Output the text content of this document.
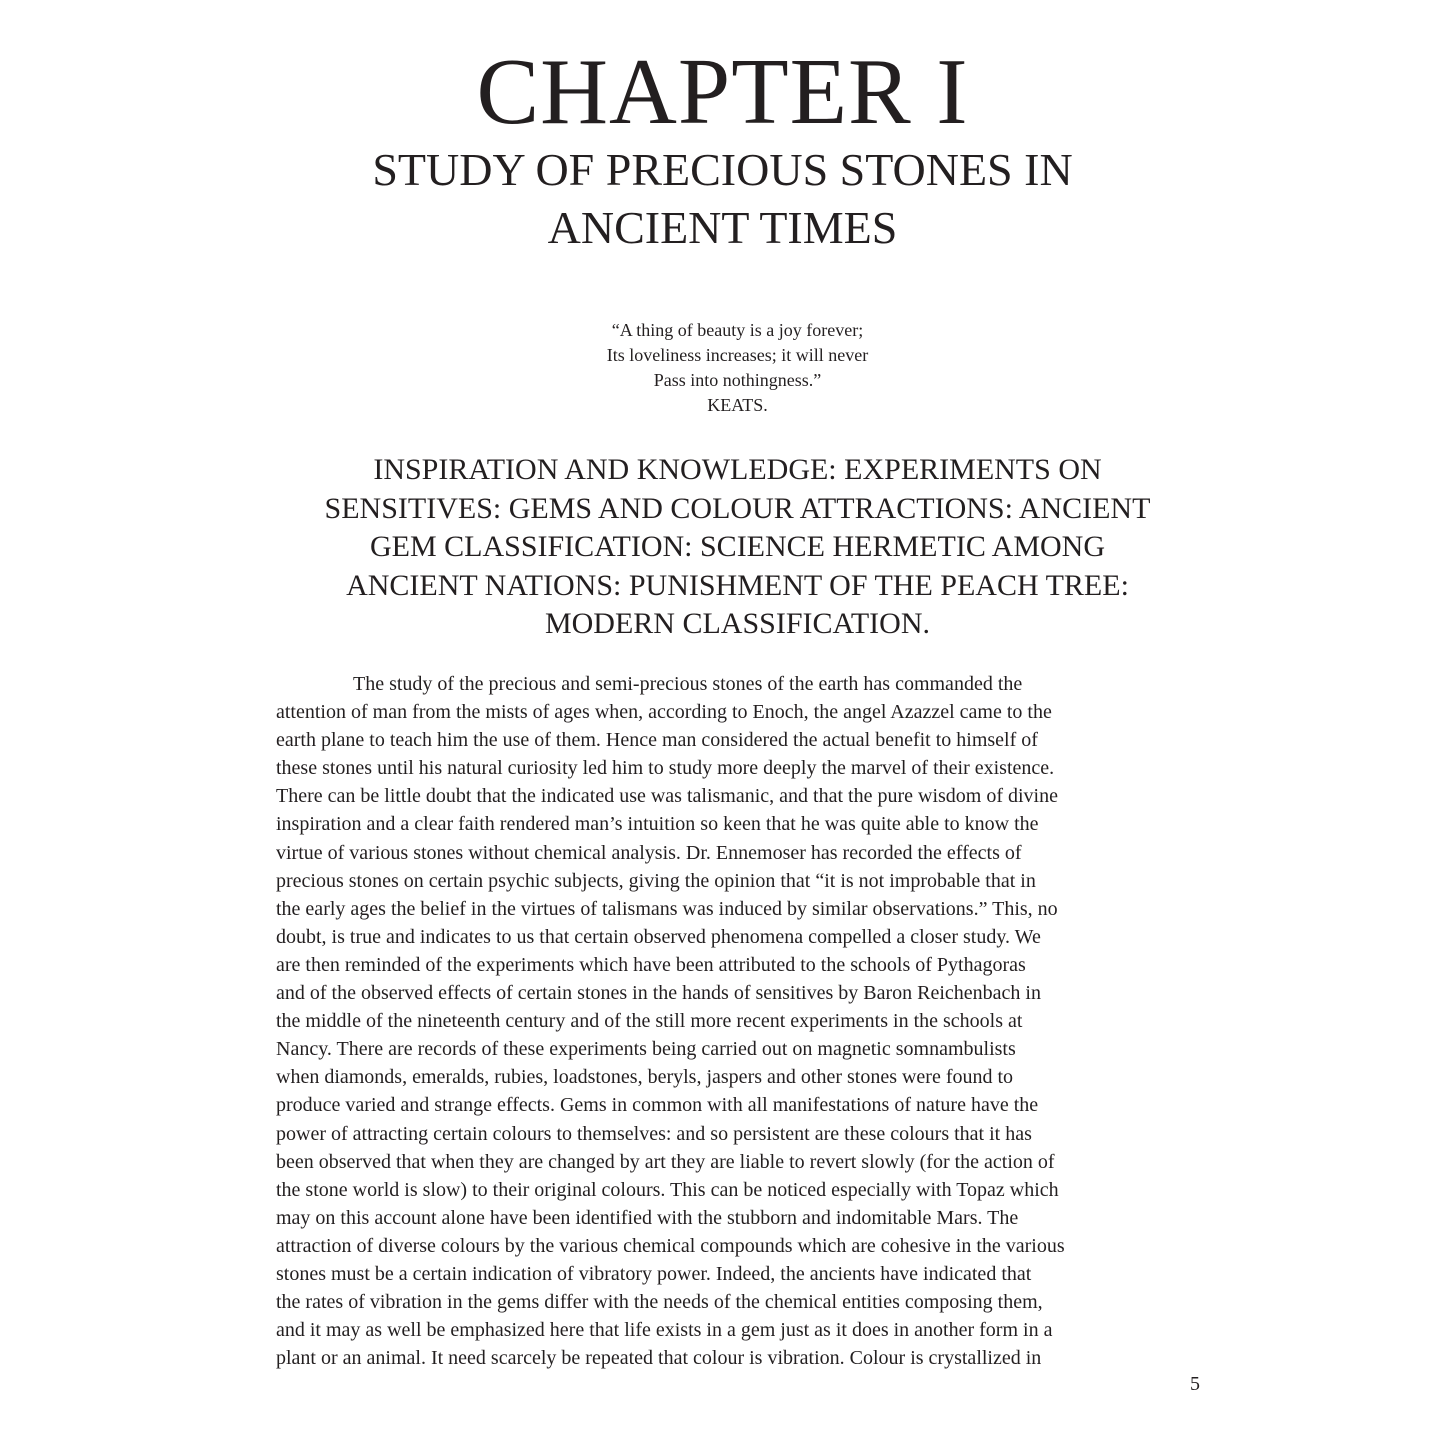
CHAPTER I
STUDY OF PRECIOUS STONES IN
ANCIENT TIMES
“A thing of beauty is a joy forever;
Its loveliness increases; it will never
Pass into nothingness.”
KEATS.
INSPIRATION AND KNOWLEDGE: EXPERIMENTS ON
SENSITIVES: GEMS AND COLOUR ATTRACTIONS: ANCIENT
GEM CLASSIFICATION: SCIENCE HERMETIC AMONG
ANCIENT NATIONS: PUNISHMENT OF THE PEACH TREE:
MODERN CLASSIFICATION.
The study of the precious and semi-precious stones of the earth has commanded the
attention of man from the mists of ages when, according to Enoch, the angel Azazzel came to the
earth plane to teach him the use of them. Hence man considered the actual benefit to himself of
these stones until his natural curiosity led him to study more deeply the marvel of their existence.
There can be little doubt that the indicated use was talismanic, and that the pure wisdom of divine
inspiration and a clear faith rendered man’s intuition so keen that he was quite able to know the
virtue of various stones without chemical analysis. Dr. Ennemoser has recorded the effects of
precious stones on certain psychic subjects, giving the opinion that “it is not improbable that in
the early ages the belief in the virtues of talismans was induced by similar observations.” This, no
doubt, is true and indicates to us that certain observed phenomena compelled a closer study. We
are then reminded of the experiments which have been attributed to the schools of Pythagoras
and of the observed effects of certain stones in the hands of sensitives by Baron Reichenbach in
the middle of the nineteenth century and of the still more recent experiments in the schools at
Nancy. There are records of these experiments being carried out on magnetic somnambulists
when diamonds, emeralds, rubies, loadstones, beryls, jaspers and other stones were found to
produce varied and strange effects. Gems in common with all manifestations of nature have the
power of attracting certain colours to themselves: and so persistent are these colours that it has
been observed that when they are changed by art they are liable to revert slowly (for the action of
the stone world is slow) to their original colours. This can be noticed especially with Topaz which
may on this account alone have been identified with the stubborn and indomitable Mars. The
attraction of diverse colours by the various chemical compounds which are cohesive in the various
stones must be a certain indication of vibratory power. Indeed, the ancients have indicated that
the rates of vibration in the gems differ with the needs of the chemical entities composing them,
and it may as well be emphasized here that life exists in a gem just as it does in another form in a
plant or an animal. It need scarcely be repeated that colour is vibration. Colour is crystallized in
5
